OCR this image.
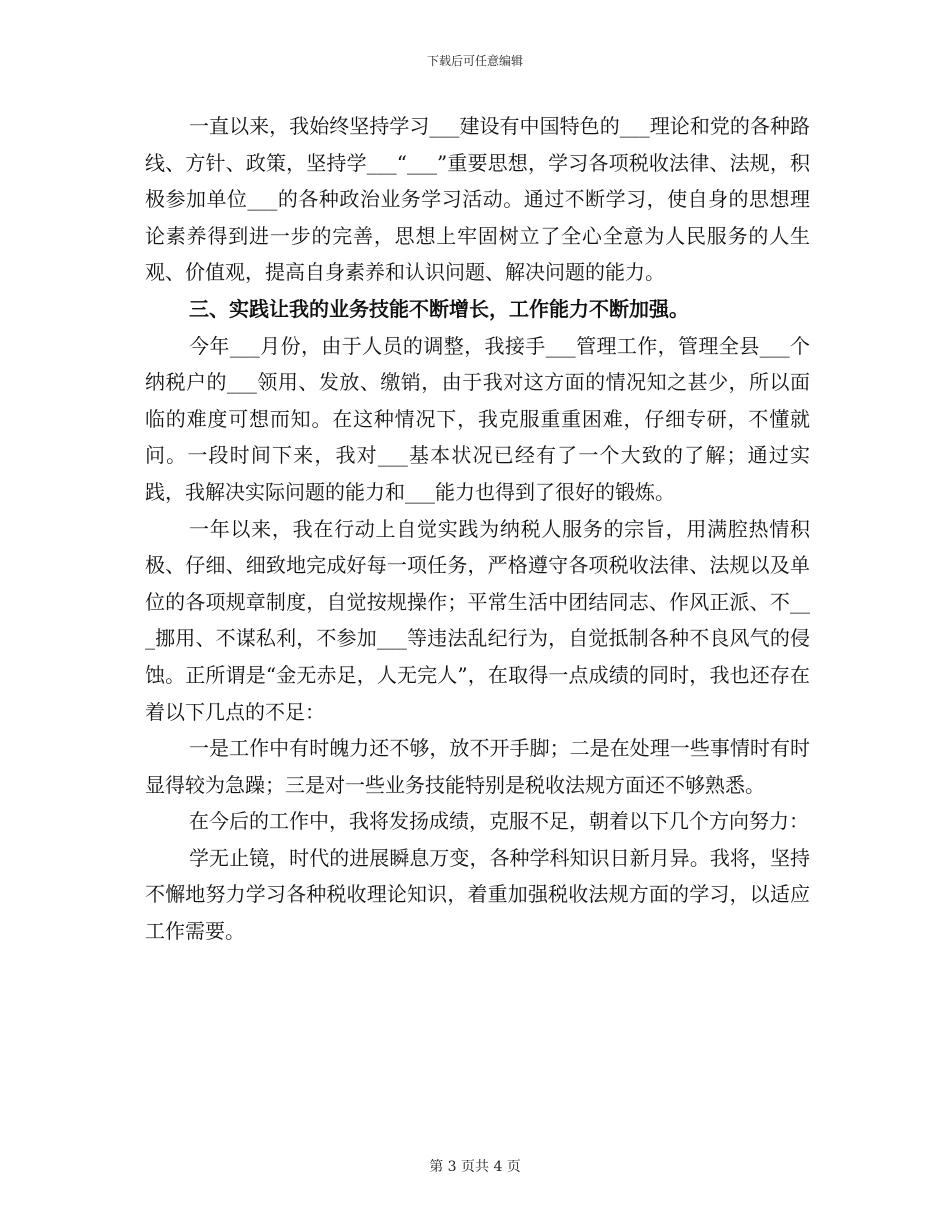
下载后可任意编辑

一直以来，我始终坚持学习___建设有中国特色的___理论和党的各种路线、方针、政策，坚持学___“___”重要思想，学习各项税收法律、法规，积极参加单位___的各种政治业务学习活动。通过不断学习，使自身的思想理论素养得到进一步的完善，思想上牢固树立了全心全意为人民服务的人生观、价值观，提高自身素养和认识问题、解决问题的能力。

三、实践让我的业务技能不断增长，工作能力不断加强。

今年___月份，由于人员的调整，我接手___管理工作，管理全县___个纳税户的___领用、发放、缴销，由于我对这方面的情况知之甚少，所以面临的难度可想而知。在这种情况下，我克服重重困难，仔细专研，不懂就问。一段时间下来，我对___基本状况已经有了一个大致的了解；通过实践，我解决实际问题的能力和___能力也得到了很好的锻炼。

一年以来，我在行动上自觉实践为纳税人服务的宗旨，用满腔热情积极、仔细、细致地完成好每一项任务，严格遵守各项税收法律、法规以及单位的各项规章制度，自觉按规操作；平常生活中团结同志、作风正派、不___挪用、不谋私利，不参加___等违法乱纪行为，自觉抵制各种不良风气的侵蚀。正所谓是“金无赤足，人无完人”，在取得一点成绩的同时，我也还存在着以下几点的不足：

一是工作中有时魄力还不够，放不开手脚；二是在处理一些事情时有时显得较为急躁；三是对一些业务技能特别是税收法规方面还不够熟悉。

在今后的工作中，我将发扬成绩，克服不足，朝着以下几个方向努力：

学无止镜，时代的进展瞬息万变，各种学科知识日新月异。我将，坚持不懈地努力学习各种税收理论知识，着重加强税收法规方面的学习，以适应工作需要。

第 3 页共 4 页
